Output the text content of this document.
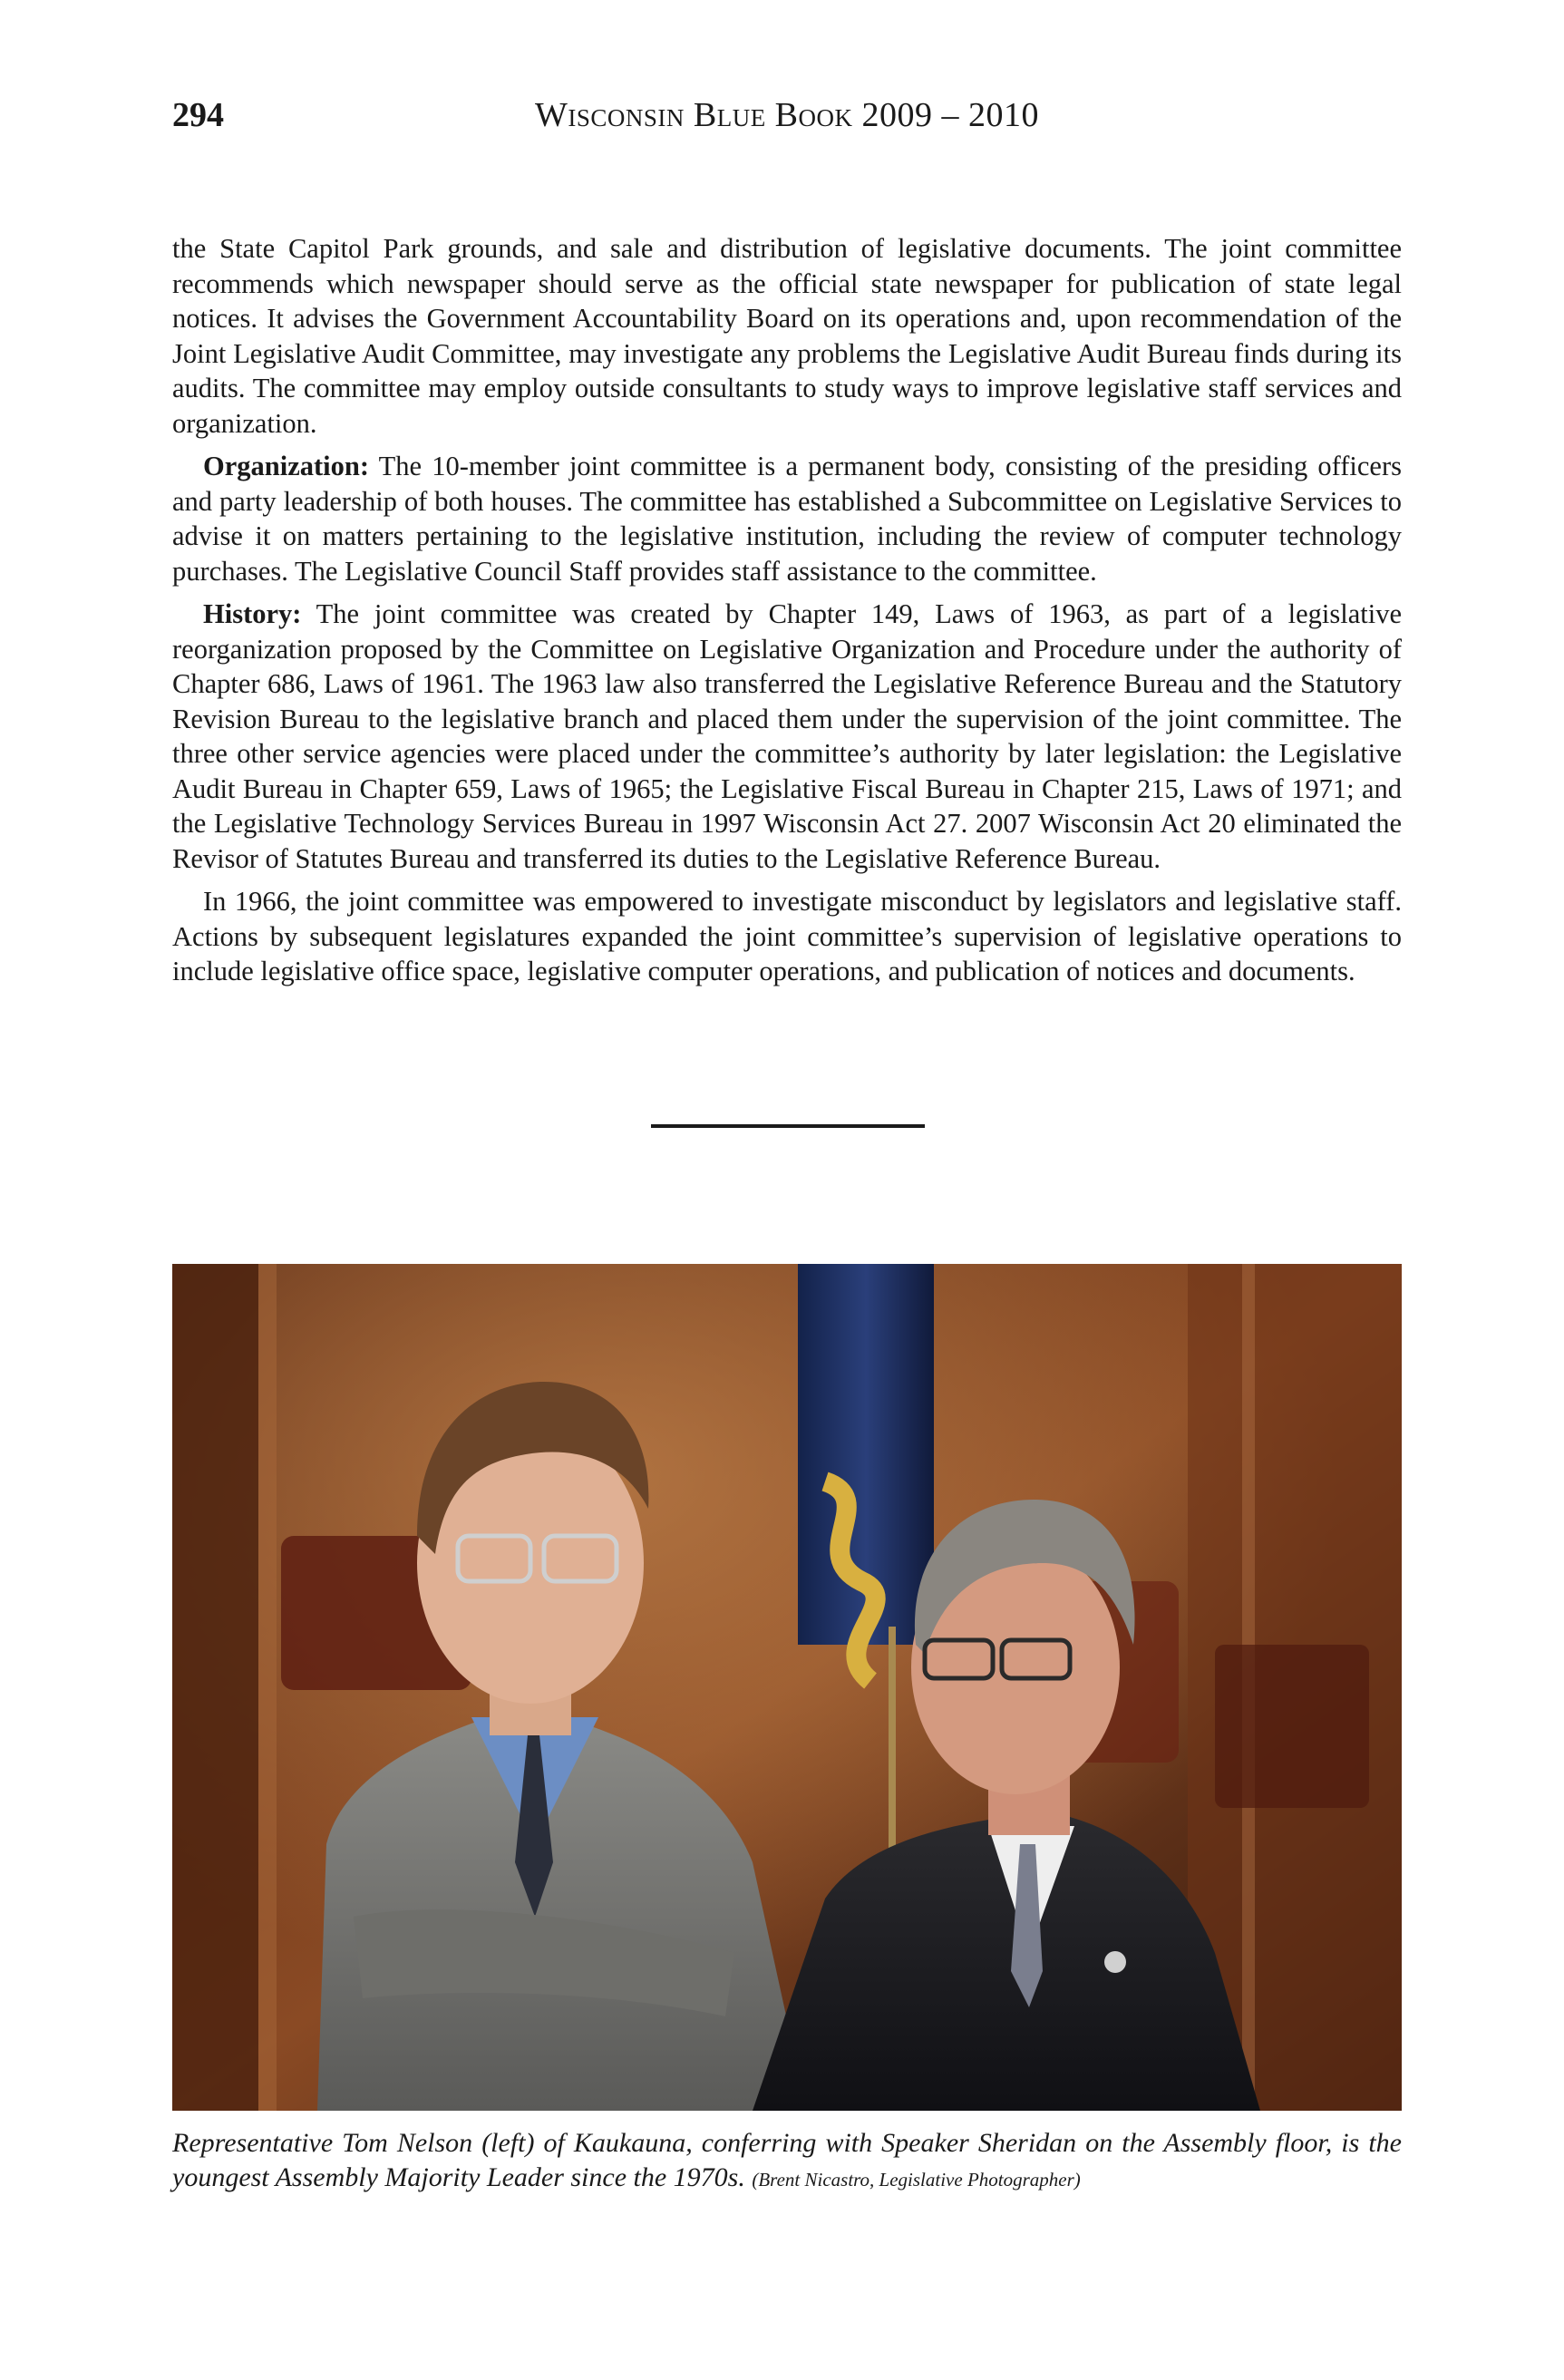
294	Wisconsin Blue Book 2009 – 2010

the State Capitol Park grounds, and sale and distribution of legislative documents. The joint committee recommends which newspaper should serve as the official state newspaper for publication of state legal notices. It advises the Government Accountability Board on its operations and, upon recommendation of the Joint Legislative Audit Committee, may investigate any problems the Legislative Audit Bureau finds during its audits. The committee may employ outside consultants to study ways to improve legislative staff services and organization.

Organization: The 10-member joint committee is a permanent body, consisting of the presiding officers and party leadership of both houses. The committee has established a Subcommittee on Legislative Services to advise it on matters pertaining to the legislative institution, including the review of computer technology purchases. The Legislative Council Staff provides staff assistance to the committee.

History: The joint committee was created by Chapter 149, Laws of 1963, as part of a legislative reorganization proposed by the Committee on Legislative Organization and Procedure under the authority of Chapter 686, Laws of 1961. The 1963 law also transferred the Legislative Reference Bureau and the Statutory Revision Bureau to the legislative branch and placed them under the supervision of the joint committee. The three other service agencies were placed under the committee’s authority by later legislation: the Legislative Audit Bureau in Chapter 659, Laws of 1965; the Legislative Fiscal Bureau in Chapter 215, Laws of 1971; and the Legislative Technology Services Bureau in 1997 Wisconsin Act 27. 2007 Wisconsin Act 20 eliminated the Revisor of Statutes Bureau and transferred its duties to the Legislative Reference Bureau.

In 1966, the joint committee was empowered to investigate misconduct by legislators and legislative staff. Actions by subsequent legislatures expanded the joint committee’s supervision of legislative operations to include legislative office space, legislative computer operations, and publication of notices and documents.

Representative Tom Nelson (left) of Kaukauna, conferring with Speaker Sheridan on the Assembly floor, is the youngest Assembly Majority Leader since the 1970s. (Brent Nicastro, Legislative Photographer)
